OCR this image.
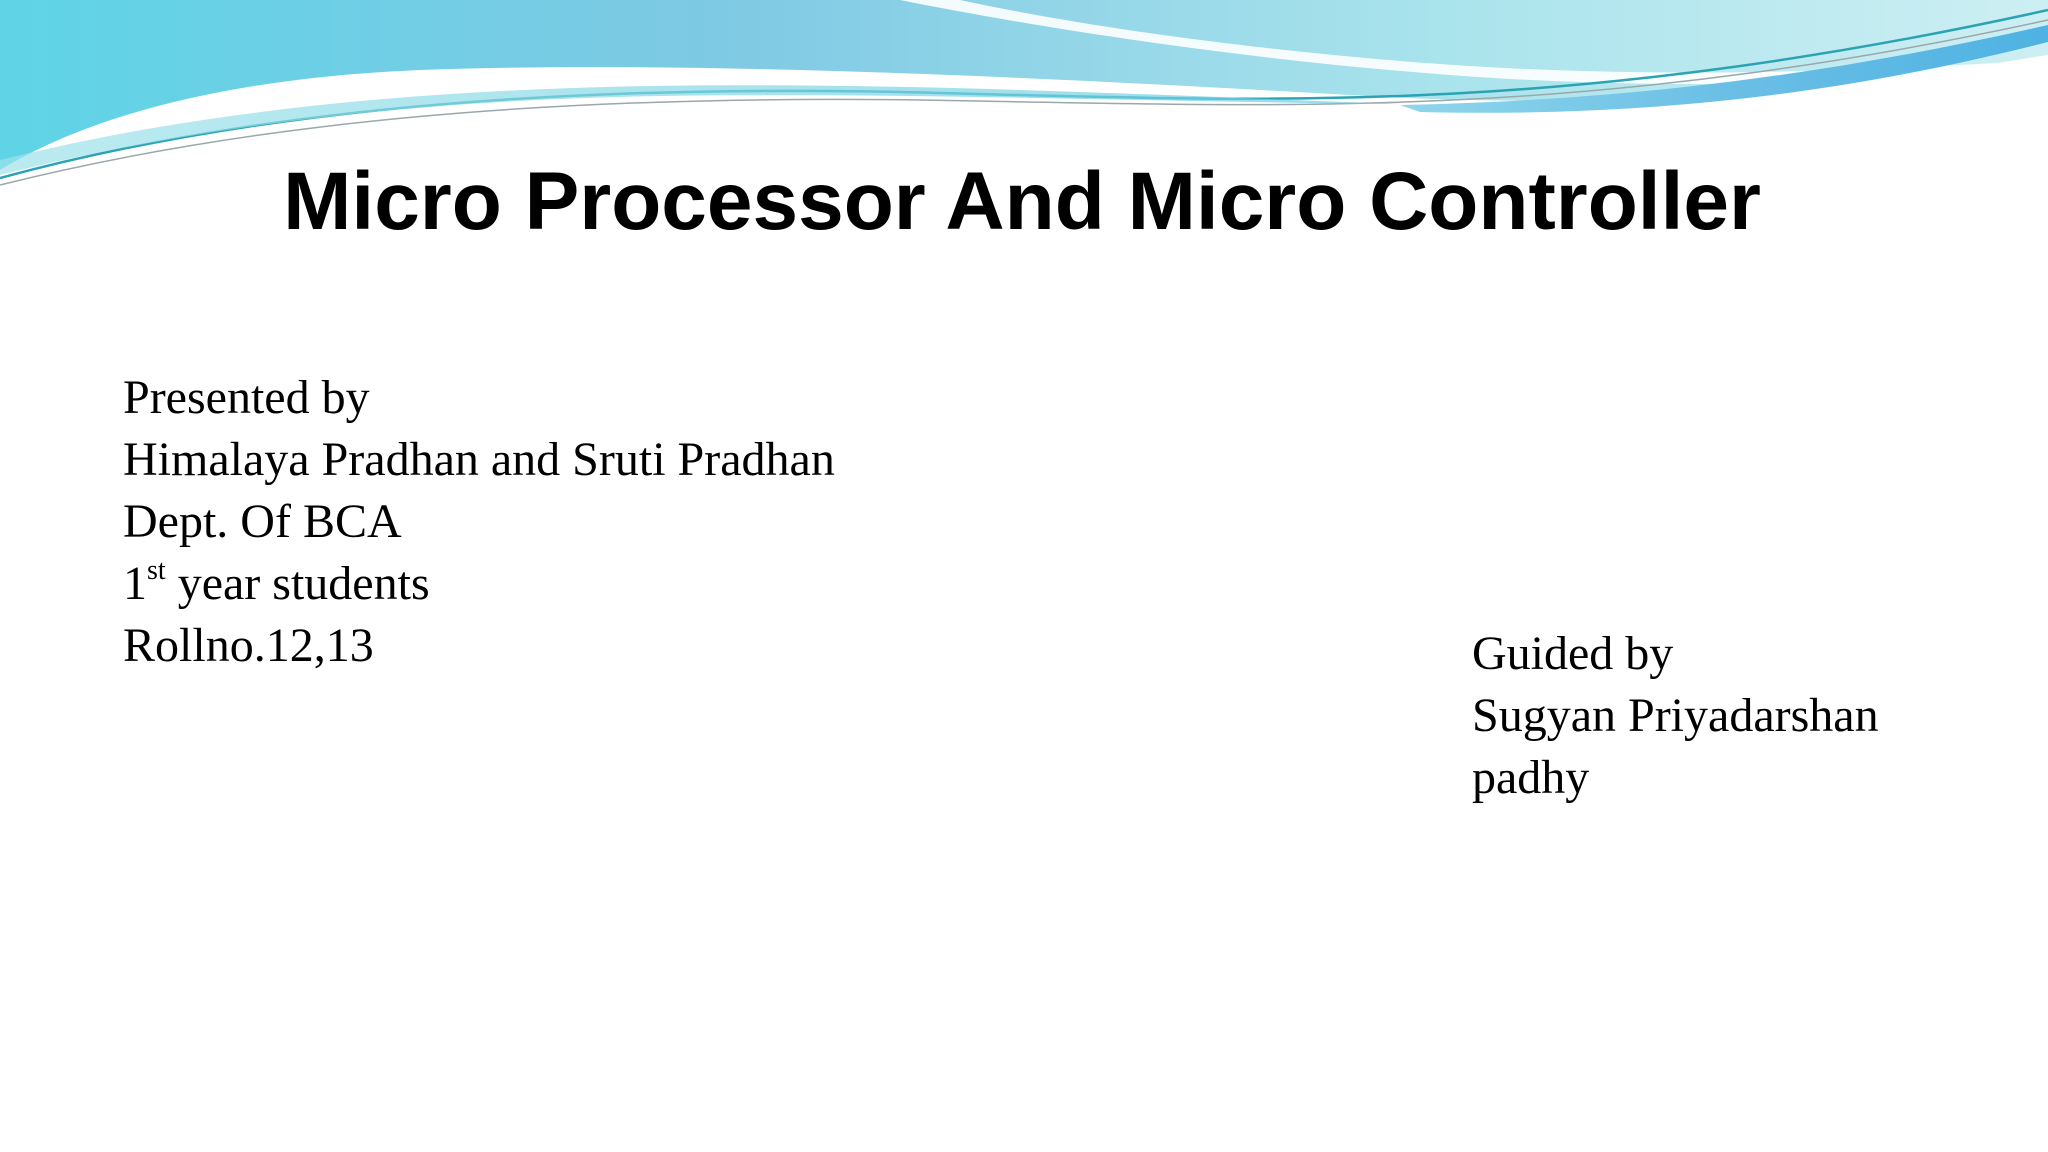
Micro Processor And Micro Controller
Presented by
Himalaya Pradhan and Sruti Pradhan
Dept. Of BCA
1st year students
Rollno.12,13	Guided by
Sugyan Priyadarshan
padhy
